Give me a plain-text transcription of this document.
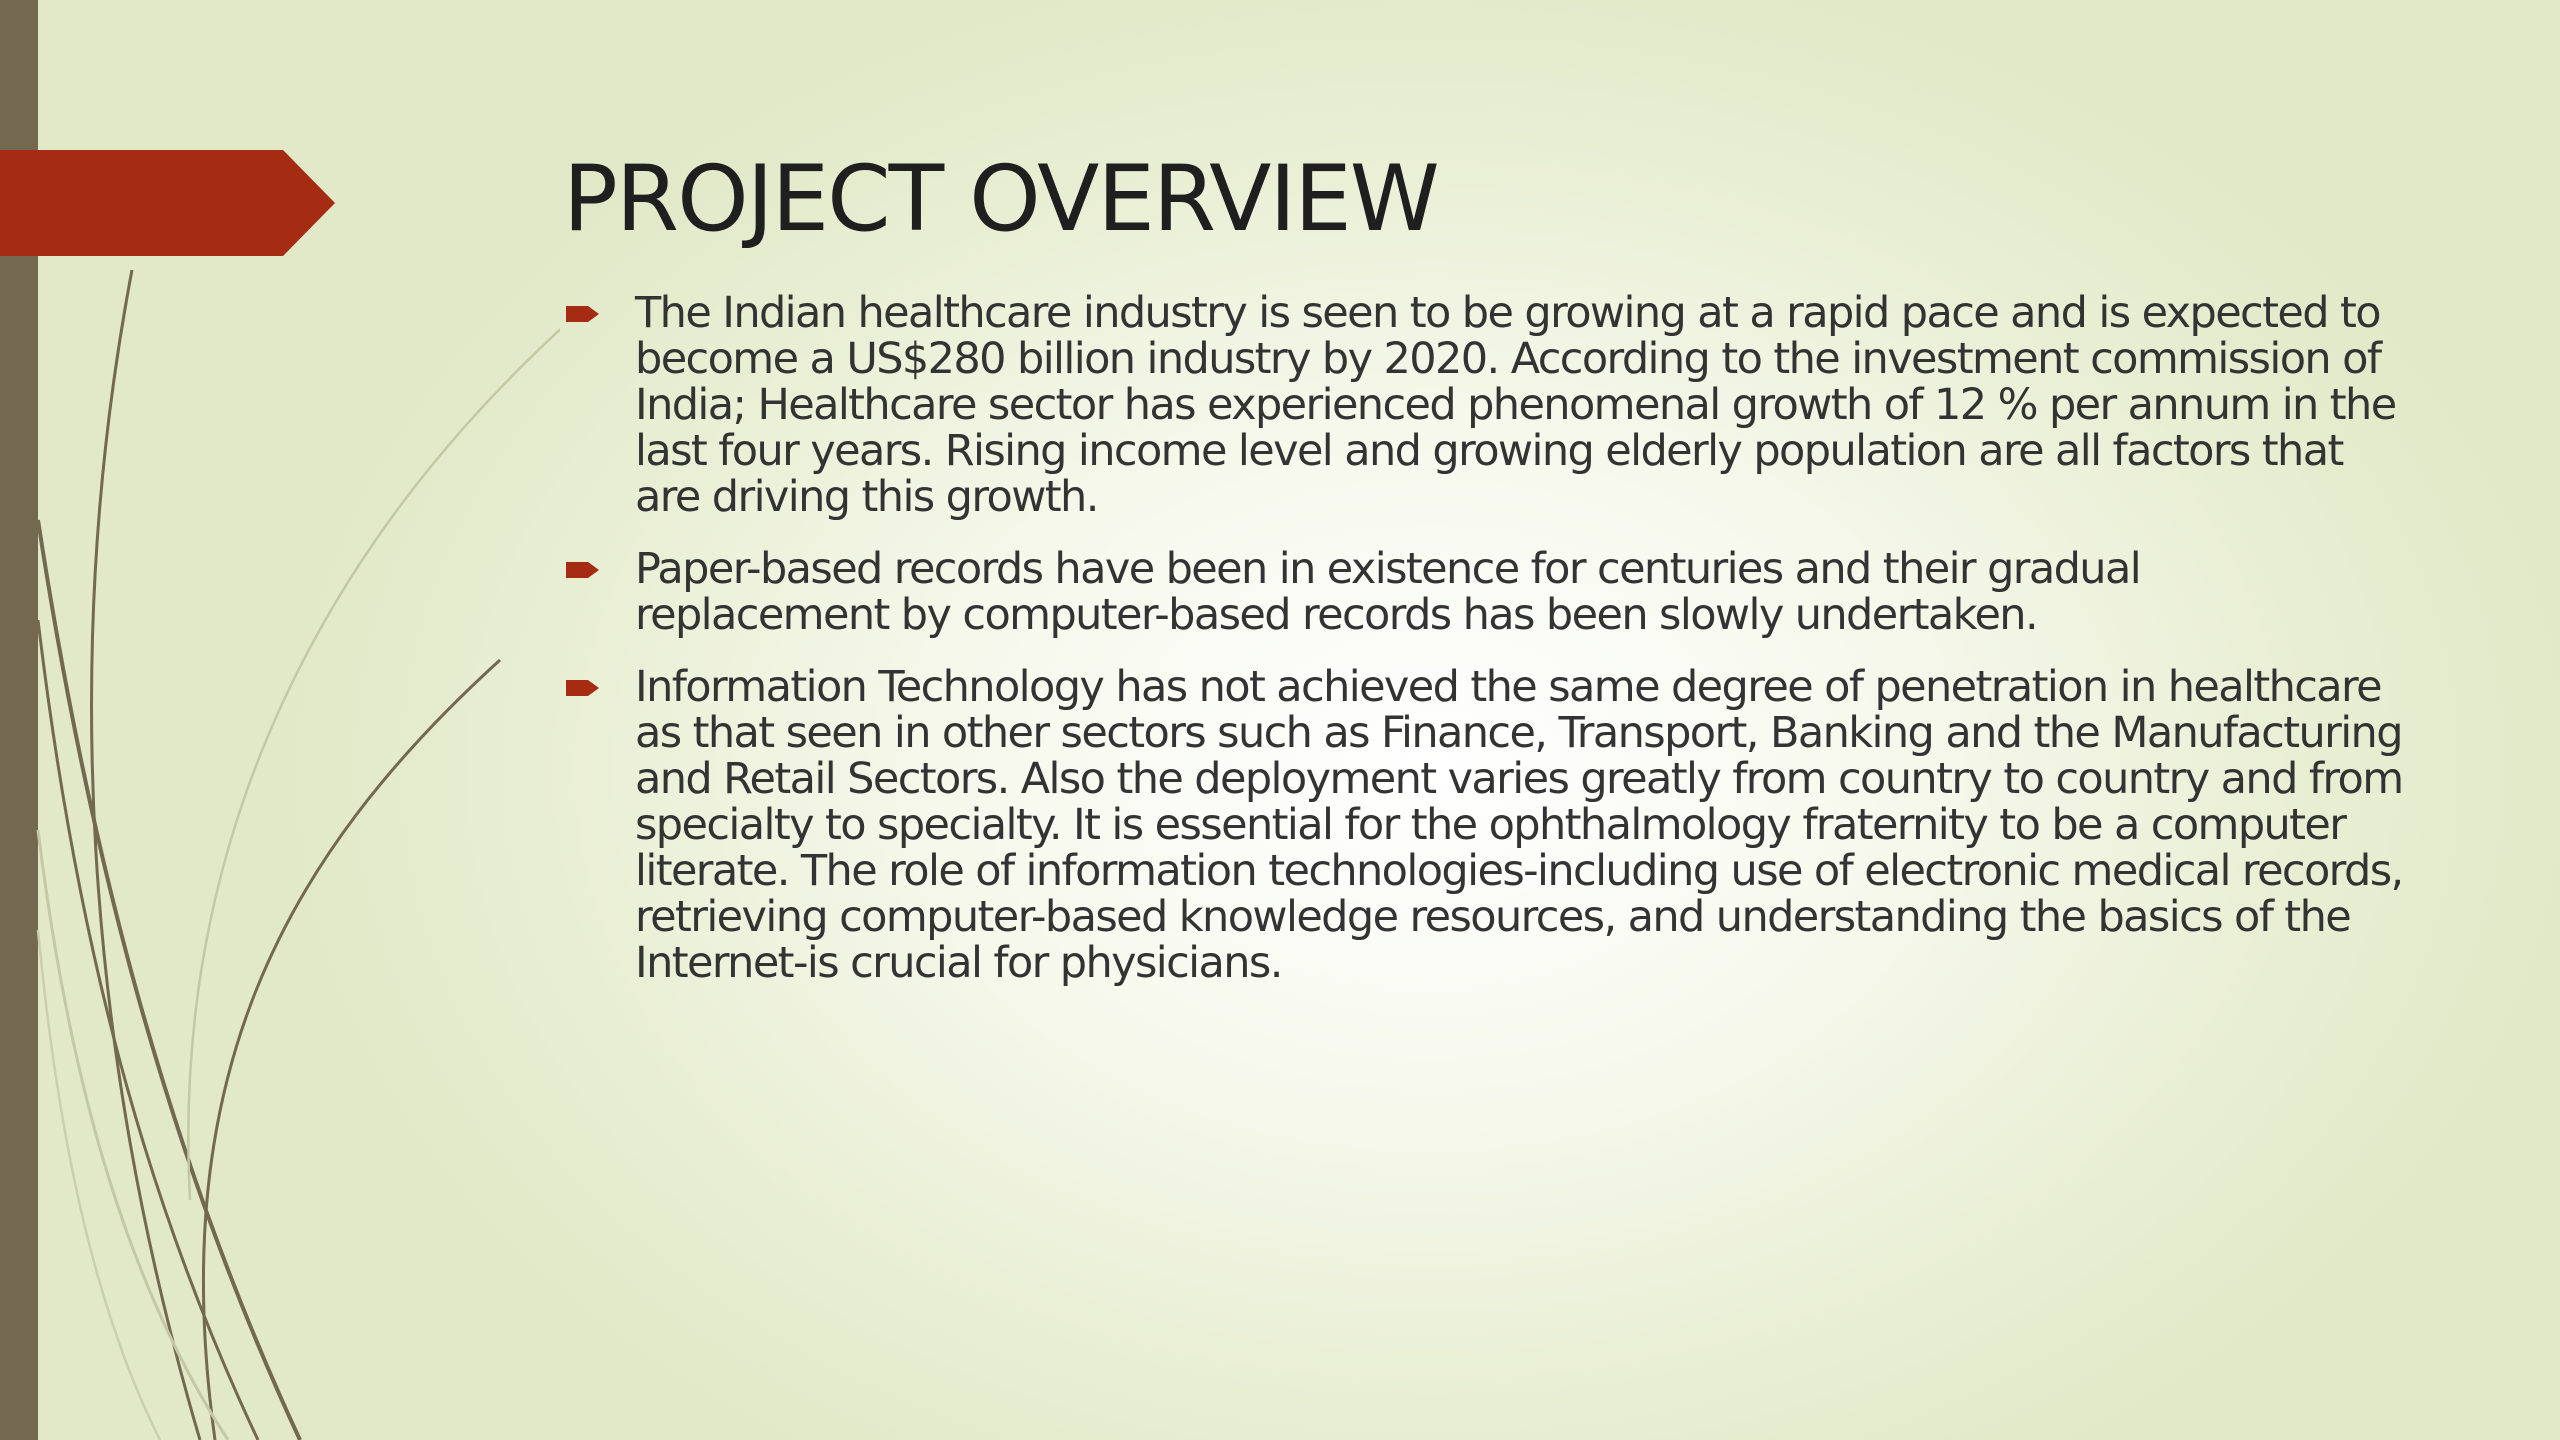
PROJECT OVERVIEW
The Indian healthcare industry is seen to be growing at a rapid pace and is expected to become a US$280 billion industry by 2020. According to the investment commission of India; Healthcare sector has experienced phenomenal growth of 12 % per annum in the last four years. Rising income level and growing elderly population are all factors that are driving this growth.
Paper-based records have been in existence for centuries and their gradual replacement by computer-based records has been slowly undertaken.
Information Technology has not achieved the same degree of penetration in healthcare as that seen in other sectors such as Finance, Transport, Banking and the Manufacturing and Retail Sectors. Also the deployment varies greatly from country to country and from specialty to specialty. It is essential for the ophthalmology fraternity to be a computer literate. The role of information technologies-including use of electronic medical records, retrieving computer-based knowledge resources, and understanding the basics of the Internet-is crucial for physicians.
